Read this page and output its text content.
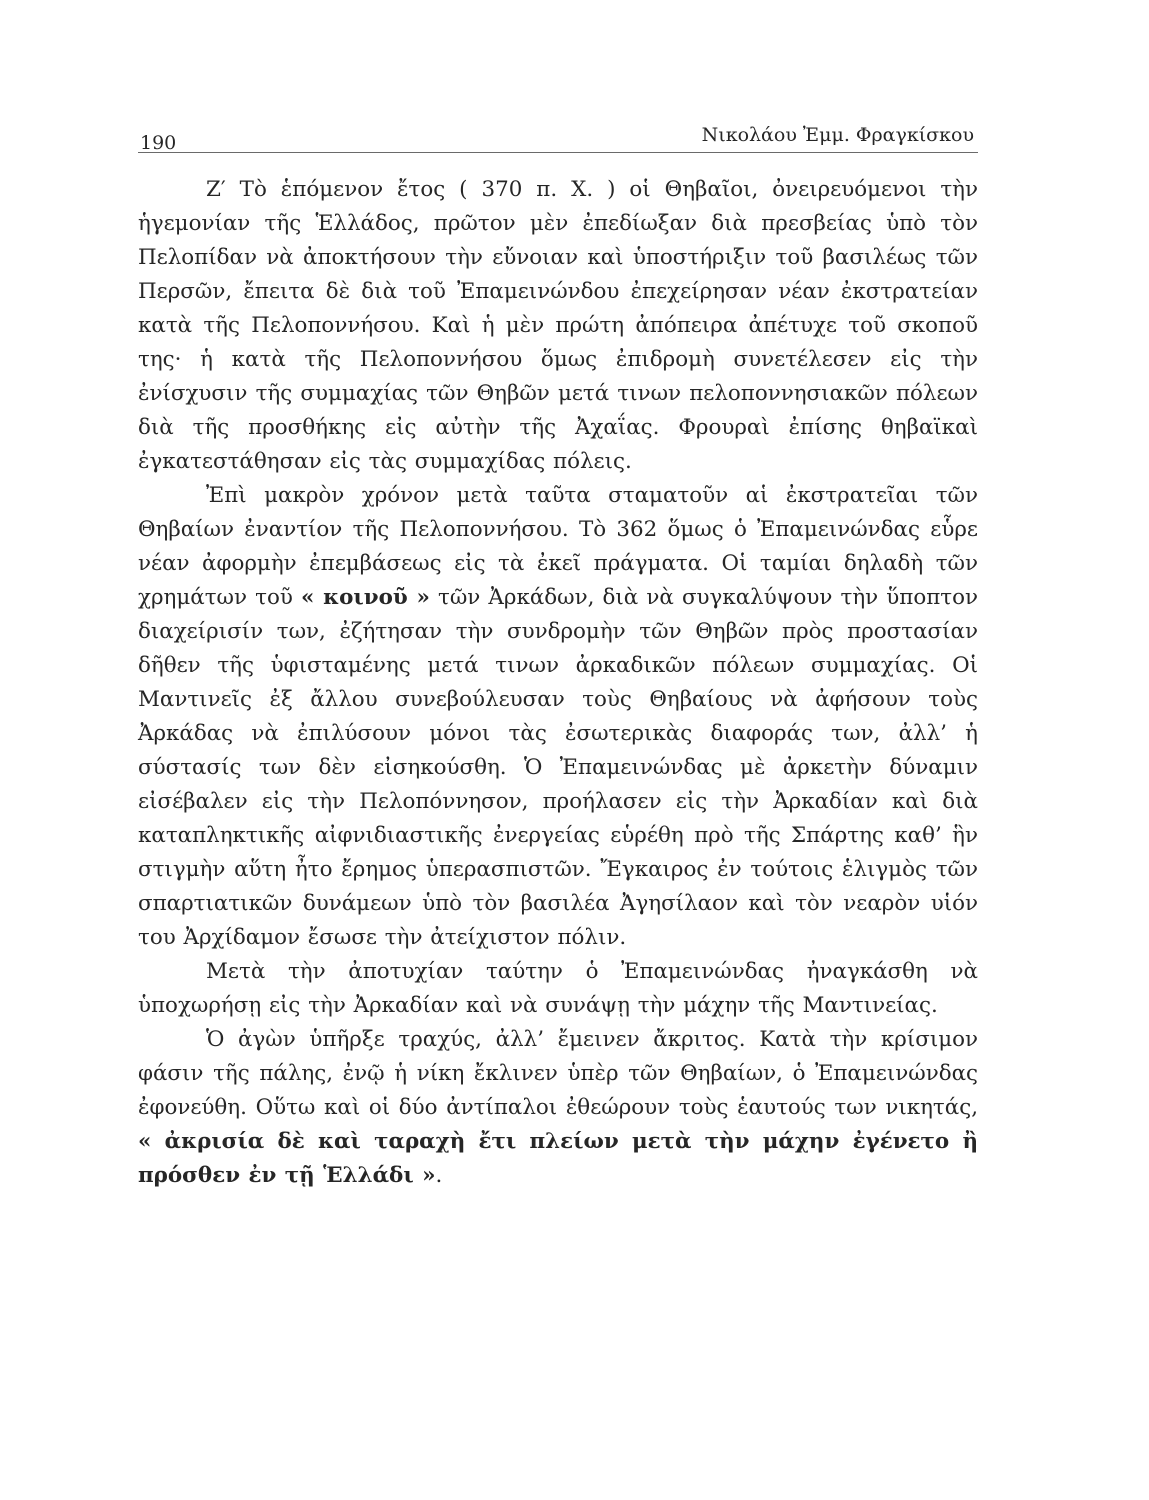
190	Νικολάου Ἐμμ. Φραγκίσκου

Ζ′ Τὸ ἑπόμενον ἔτος ( 370 π. Χ. ) οἱ Θηβαῖοι, ὀνειρευόμενοι τὴν ἡγεμονίαν τῆς Ἑλλάδος, πρῶτον μὲν ἐπεδίωξαν διὰ πρεσβείας ὑπὸ τὸν Πελοπίδαν νὰ ἀποκτήσουν τὴν εὔνοιαν καὶ ὑποστήριξιν τοῦ βασιλέως τῶν Περσῶν, ἔπειτα δὲ διὰ τοῦ Ἐπαμεινώνδου ἐπεχείρησαν νέαν ἐκστρατείαν κατὰ τῆς Πελοποννήσου. Καὶ ἡ μὲν πρώτη ἀπόπειρα ἀπέτυχε τοῦ σκοποῦ της· ἡ κατὰ τῆς Πελοποννήσου ὅμως ἐπιδρομὴ συνετέλεσεν εἰς τὴν ἐνίσχυσιν τῆς συμμαχίας τῶν Θηβῶν μετά τινων πελοποννησιακῶν πόλεων διὰ τῆς προσθήκης εἰς αὐτὴν τῆς Ἀχαΐας. Φρουραὶ ἐπίσης θηβαϊκαὶ ἐγκατεστάθησαν εἰς τὰς συμμαχίδας πόλεις.

Ἐπὶ μακρὸν χρόνον μετὰ ταῦτα σταματοῦν αἱ ἐκστρατεῖαι τῶν Θηβαίων ἐναντίον τῆς Πελοποννήσου. Τὸ 362 ὅμως ὁ Ἐπαμεινώνδας εὗρε νέαν ἀφορμὴν ἐπεμβάσεως εἰς τὰ ἐκεῖ πράγματα. Οἱ ταμίαι δηλαδὴ τῶν χρημάτων τοῦ « κοινοῦ » τῶν Ἀρκάδων, διὰ νὰ συγκαλύψουν τὴν ὕποπτον διαχείρισίν των, ἐζήτησαν τὴν συνδρομὴν τῶν Θηβῶν πρὸς προστασίαν δῆθεν τῆς ὑφισταμένης μετά τινων ἀρκαδικῶν πόλεων συμμαχίας. Οἱ Μαντινεῖς ἐξ ἄλλου συνεβούλευσαν τοὺς Θηβαίους νὰ ἀφήσουν τοὺς Ἀρκάδας νὰ ἐπιλύσουν μόνοι τὰς ἐσωτερικὰς διαφοράς των, ἀλλ’ ἡ σύστασίς των δὲν εἰσηκούσθη. Ὁ Ἐπαμεινώνδας μὲ ἀρκετὴν δύναμιν εἰσέβαλεν εἰς τὴν Πελοπόννησον, προήλασεν εἰς τὴν Ἀρκαδίαν καὶ διὰ καταπληκτικῆς αἰφνιδιαστικῆς ἐνεργείας εὑρέθη πρὸ τῆς Σπάρτης καθ’ ἣν στιγμὴν αὕτη ἦτο ἔρημος ὑπερασπιστῶν. Ἔγκαιρος ἐν τούτοις ἑλιγμὸς τῶν σπαρτιατικῶν δυνάμεων ὑπὸ τὸν βασιλέα Ἀγησίλαον καὶ τὸν νεαρὸν υἱόν του Ἀρχίδαμον ἔσωσε τὴν ἀτείχιστον πόλιν.

Μετὰ τὴν ἀποτυχίαν ταύτην ὁ Ἐπαμεινώνδας ἠναγκάσθη νὰ ὑποχωρήσῃ εἰς τὴν Ἀρκαδίαν καὶ νὰ συνάψῃ τὴν μάχην τῆς Μαντινείας.

Ὁ ἀγὼν ὑπῆρξε τραχύς, ἀλλ’ ἔμεινεν ἄκριτος. Κατὰ τὴν κρίσιμον φάσιν τῆς πάλης, ἐνῷ ἡ νίκη ἔκλινεν ὑπὲρ τῶν Θηβαίων, ὁ Ἐπαμεινώνδας ἐφονεύθη. Οὕτω καὶ οἱ δύο ἀντίπαλοι ἐθεώρουν τοὺς ἑαυτούς των νικητάς, « ἀκρισία δὲ καὶ ταραχὴ ἔτι πλείων μετὰ τὴν μάχην ἐγένετο ἢ πρόσθεν ἐν τῇ Ἑλλάδι ».
